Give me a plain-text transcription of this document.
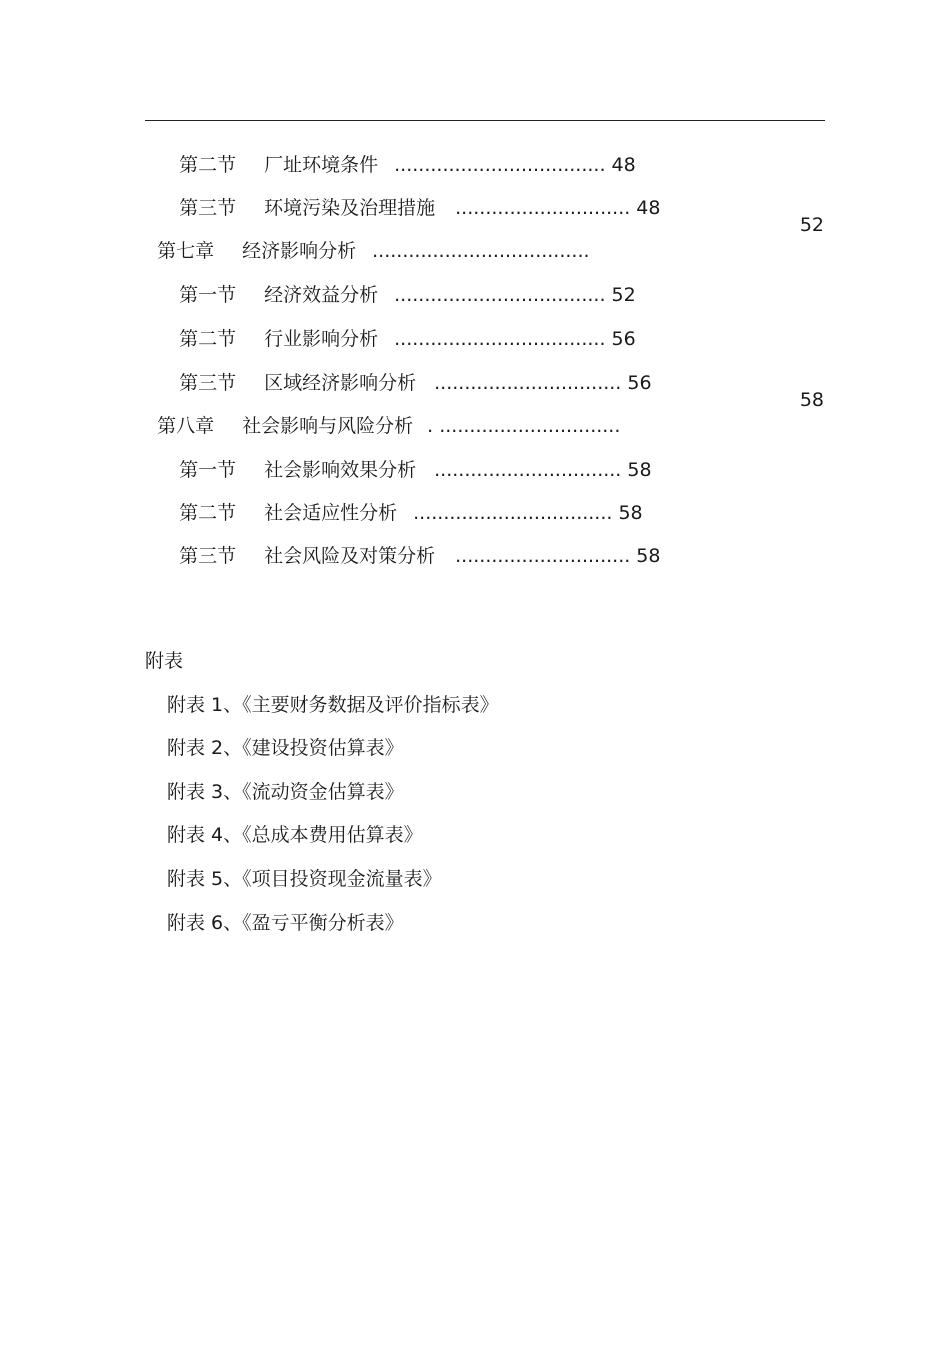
第二节 厂址环境条件 ................................... 48

第三节 环境污染及治理措施 ............................. 48

第七章 经济影响分析 ....................................

52

第一节 经济效益分析 ................................... 52

第二节 行业影响分析 ................................... 56

第三节 区域经济影响分析 ............................... 56

第八章 社会影响与风险分析 . ..............................

58

第一节 社会影响效果分析 ............................... 58

第二节 社会适应性分析 ................................. 58

第三节 社会风险及对策分析 ............................. 58

附表
附表 1、《主要财务数据及评价指标表》
附表 2、《建设投资估算表》
附表 3、《流动资金估算表》
附表 4、《总成本费用估算表》
附表 5、《项目投资现金流量表》
附表 6、《盈亏平衡分析表》
